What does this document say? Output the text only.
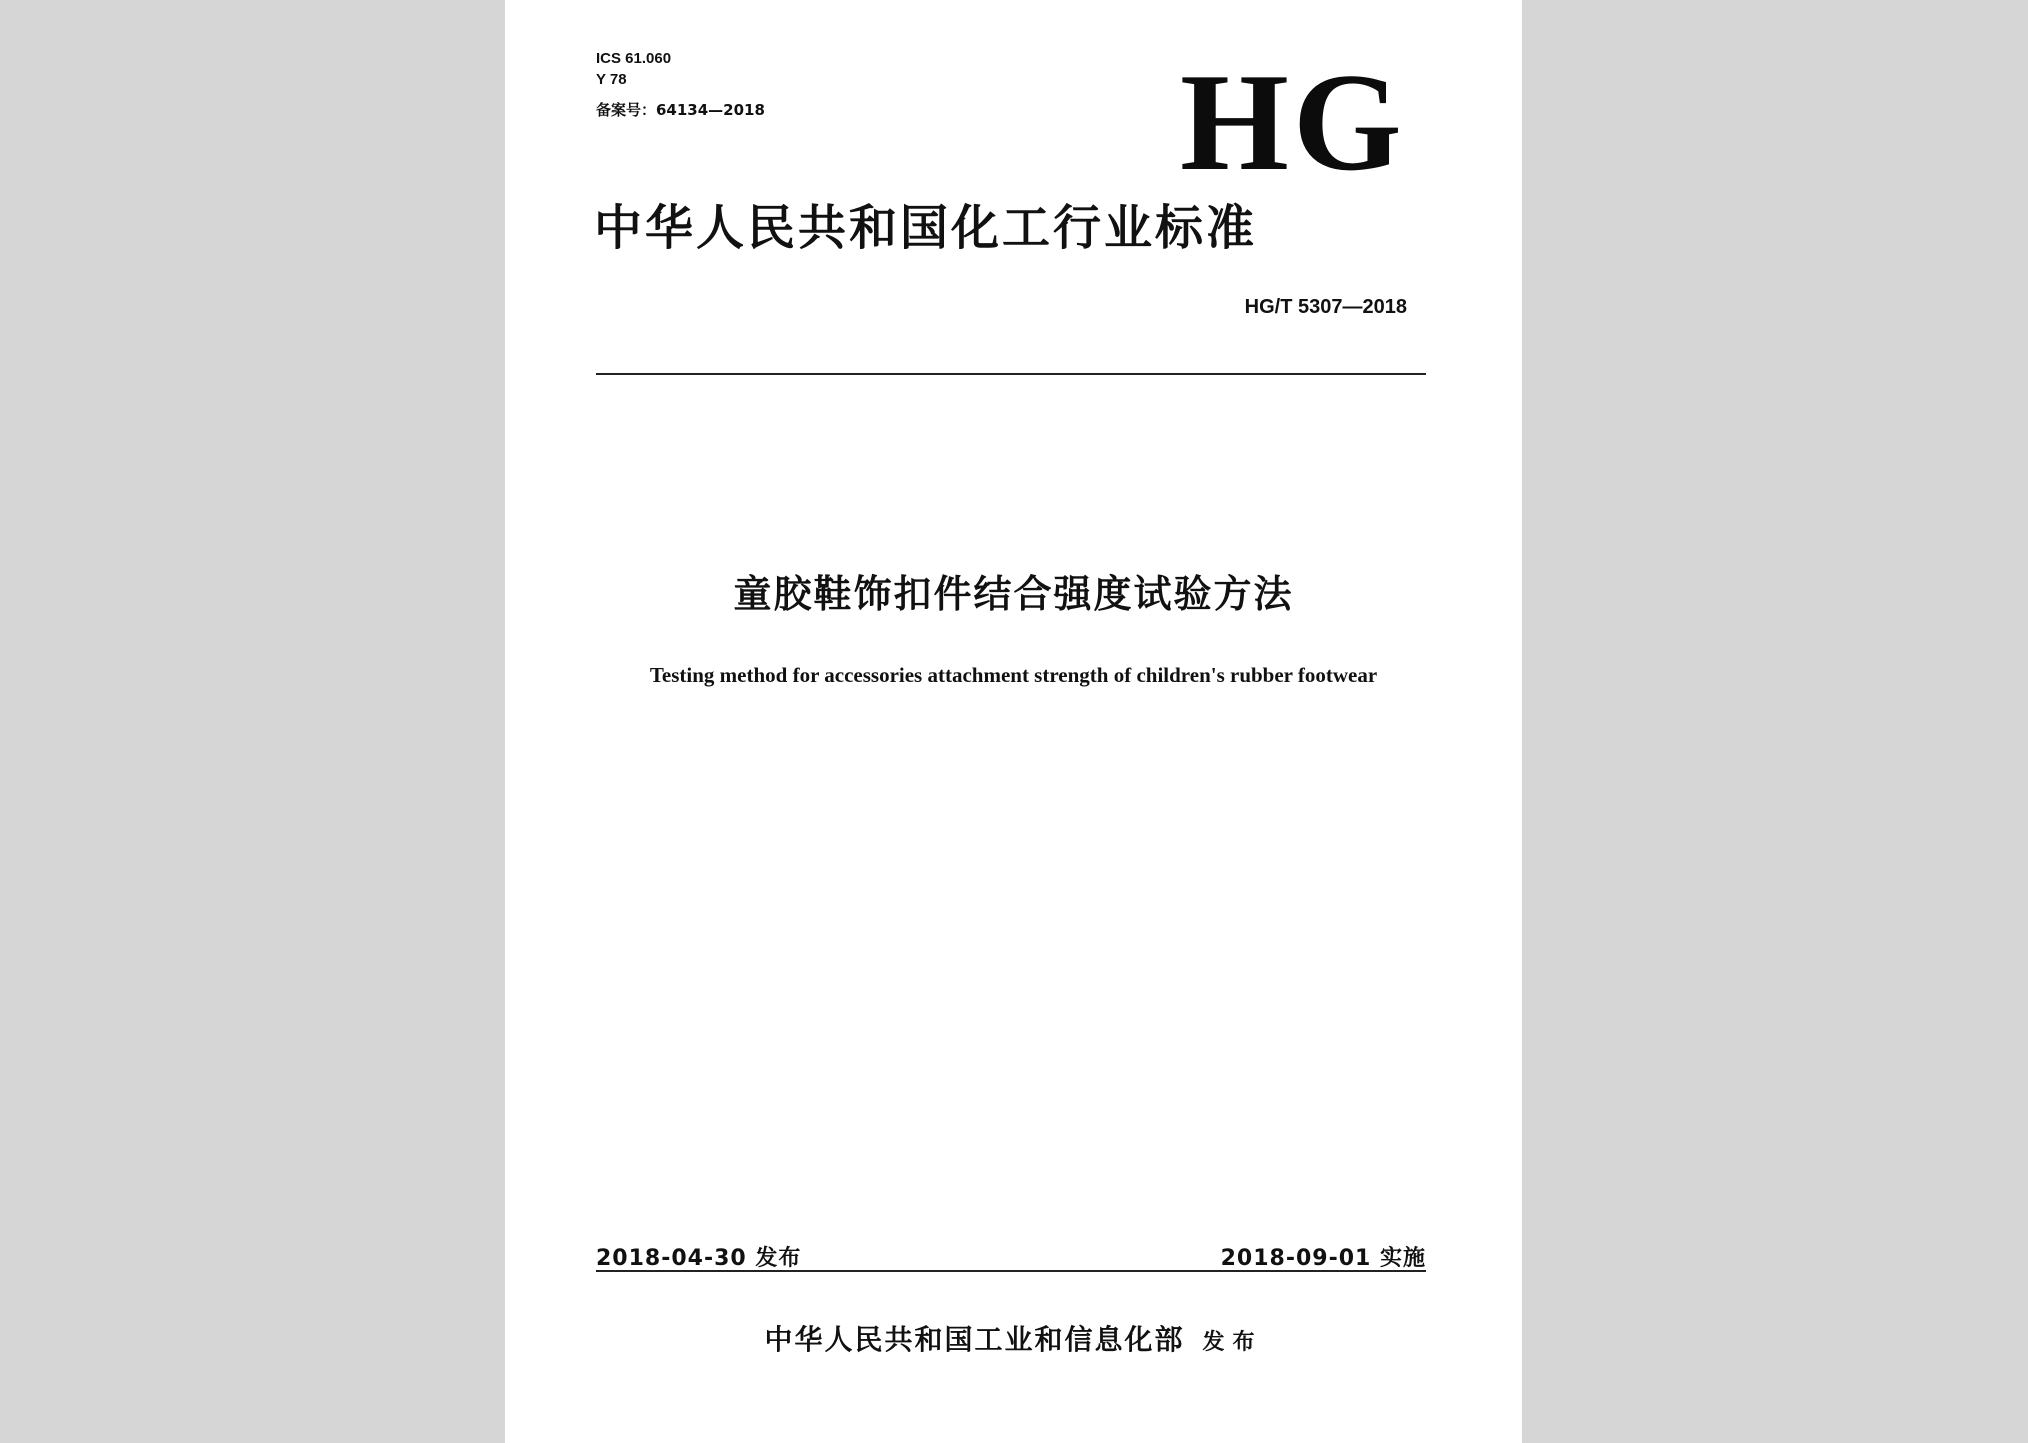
ICS 61.060
Y 78
备案号：64134—2018	HG
中华人民共和国化工行业标准
HG/T 5307—2018
童胶鞋饰扣件结合强度试验方法
Testing method for accessories attachment strength of children's rubber footwear
2018-04-30 发布	2018-09-01 实施
中华人民共和国工业和信息化部 发布
